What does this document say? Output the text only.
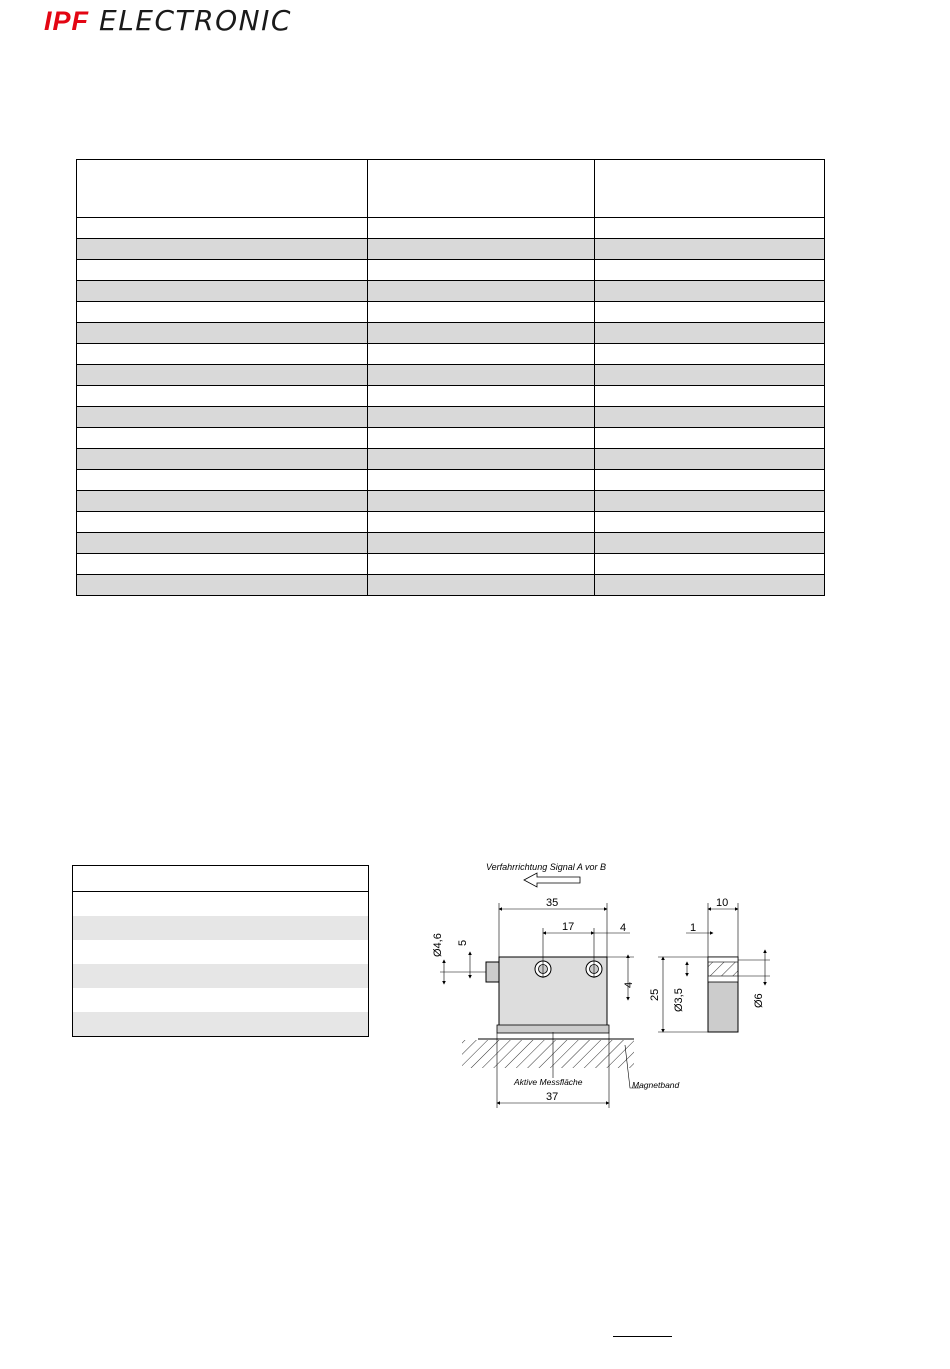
IPF ELECTRONIC

Verfahrrichtung Signal A vor B
35
17	4
10
1
37
5
Ø4,6
4
25 Ø3,5	Ø6
Aktive Messfläche	Magnetband
